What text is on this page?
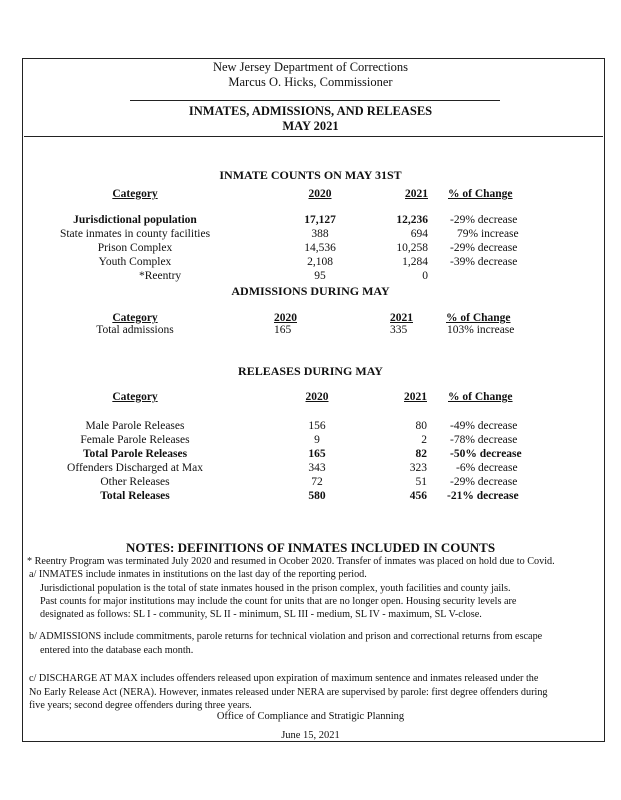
New Jersey Department of Corrections
Marcus O. Hicks, Commissioner
INMATES, ADMISSIONS, AND RELEASES
MAY 2021
INMATE COUNTS ON MAY 31ST
Category	2020	2021 % of Change
Jurisdictional population	17,127	12,236 -29% decrease
State inmates in county facilities	388	694	79% increase
Prison Complex	14,536	10,258 -29% decrease
Youth Complex	2,108	1,284 -39% decrease
*Reentry	95	0
ADMISSIONS DURING MAY
Category	2020	2021	% of Change
Total admissions	165	335	103% increase
RELEASES DURING MAY
Category	2020	2021 % of Change
Male Parole Releases	156	80 -49% decrease
Female Parole Releases	9	2 -78% decrease
Total Parole Releases	165	82 -50% decrease
Offenders Discharged at Max	343	323	-6% decrease
Other Releases	72	51 -29% decrease
Total Releases	580	456 -21% decrease
NOTES: DEFINITIONS OF INMATES INCLUDED IN COUNTS
* Reentry Program was terminated July 2020 and resumed in Ocober 2020. Transfer of inmates was placed on hold due to Covid.
a/ INMATES include inmates in institutions on the last day of the reporting period.
Jurisdictional population is the total of state inmates housed in the prison complex, youth facilities and county jails.
Past counts for major institutions may include the count for units that are no longer open. Housing security levels are
designated as follows: SL I - community, SL II - minimum, SL III - medium, SL IV - maximum, SL V-close.
b/ ADMISSIONS include commitments, parole returns for technical violation and prison and correctional returns from escape
entered into the database each month.
c/ DISCHARGE AT MAX includes offenders released upon expiration of maximum sentence and inmates released under the
No Early Release Act (NERA). However, inmates released under NERA are supervised by parole: first degree offenders during
five years; second degree offenders during three years.
Office of Compliance and Stratigic Planning
June 15, 2021
